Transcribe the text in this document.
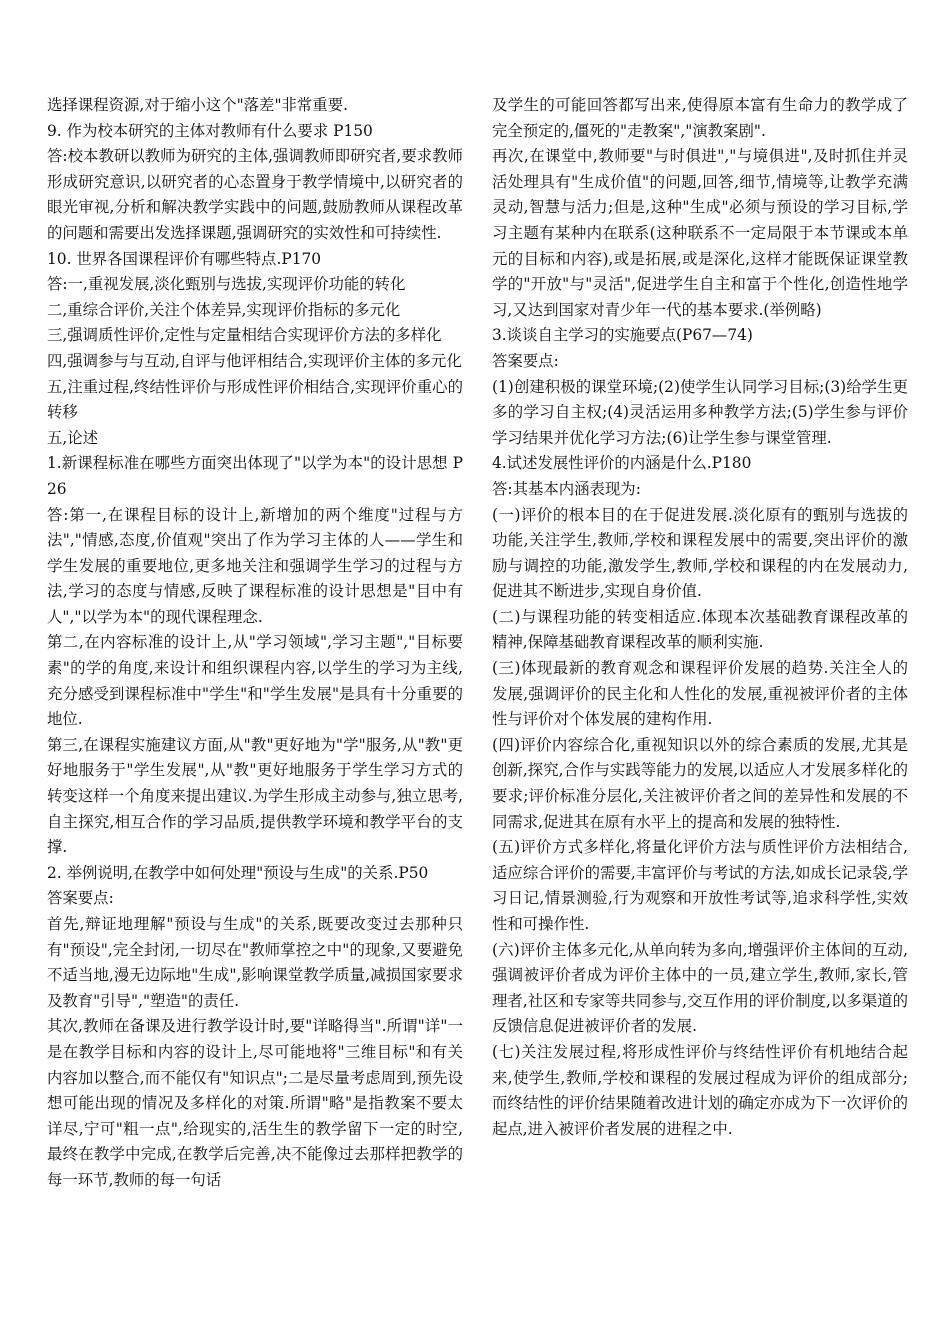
选择课程资源,对于缩小这个"落差"非常重要.

9. 作为校本研究的主体对教师有什么要求 P150

答:校本教研以教师为研究的主体,强调教师即研究者,要求教师形成研究意识,以研究者的心态置身于教学情境中,以研究者的眼光审视,分析和解决教学实践中的问题,鼓励教师从课程改革的问题和需要出发选择课题,强调研究的实效性和可持续性.

10. 世界各国课程评价有哪些特点.P170

答:一,重视发展,淡化甄别与选拔,实现评价功能的转化

二,重综合评价,关注个体差异,实现评价指标的多元化

三,强调质性评价,定性与定量相结合实现评价方法的多样化

四,强调参与与互动,自评与他评相结合,实现评价主体的多元化

五,注重过程,终结性评价与形成性评价相结合,实现评价重心的转移

五,论述

1.新课程标准在哪些方面突出体现了"以学为本"的设计思想 P26

答:第一,在课程目标的设计上,新增加的两个维度"过程与方法","情感,态度,价值观"突出了作为学习主体的人——学生和学生发展的重要地位,更多地关注和强调学生学习的过程与方法,学习的态度与情感,反映了课程标准的设计思想是"目中有人","以学为本"的现代课程理念.

第二,在内容标准的设计上,从"学习领域",学习主题","目标要素"的学的角度,来设计和组织课程内容,以学生的学习为主线,充分感受到课程标准中"学生"和"学生发展"是具有十分重要的地位.

第三,在课程实施建议方面,从"教"更好地为"学"服务,从"教"更好地服务于"学生发展",从"教"更好地服务于学生学习方式的转变这样一个角度来提出建议.为学生形成主动参与,独立思考,自主探究,相互合作的学习品质,提供教学环境和教学平台的支撑.

2. 举例说明,在教学中如何处理"预设与生成"的关系.P50

答案要点:

首先,辩证地理解"预设与生成"的关系,既要改变过去那种只有"预设",完全封闭,一切尽在"教师掌控之中"的现象,又要避免不适当地,漫无边际地"生成",影响课堂教学质量,减损国家要求及教育"引导","塑造"的责任.

其次,教师在备课及进行教学设计时,要"详略得当".所谓"详"一是在教学目标和内容的设计上,尽可能地将"三维目标"和有关内容加以整合,而不能仅有"知识点";二是尽量考虑周到,预先设想可能出现的情况及多样化的对策.所谓"略"是指教案不要太详尽,宁可"粗一点",给现实的,活生生的教学留下一定的时空,最终在教学中完成,在教学后完善,决不能像过去那样把教学的每一环节,教师的每一句话

及学生的可能回答都写出来,使得原本富有生命力的教学成了完全预定的,僵死的"走教案","演教案剧".

再次,在课堂中,教师要"与时俱进","与境俱进",及时抓住并灵活处理具有"生成价值"的问题,回答,细节,情境等,让教学充满灵动,智慧与活力;但是,这种"生成"必须与预设的学习目标,学习主题有某种内在联系(这种联系不一定局限于本节课或本单元的目标和内容),或是拓展,或是深化,这样才能既保证课堂教学的"开放"与"灵活",促进学生自主和富于个性化,创造性地学习,又达到国家对青少年一代的基本要求.(举例略)

3.谈谈自主学习的实施要点(P67—74)

答案要点:

(1)创建积极的课堂环境;(2)使学生认同学习目标;(3)给学生更多的学习自主权;(4)灵活运用多种教学方法;(5)学生参与评价学习结果并优化学习方法;(6)让学生参与课堂管理.

4.试述发展性评价的内涵是什么.P180

答:其基本内涵表现为:

(一)评价的根本目的在于促进发展.淡化原有的甄别与选拔的功能,关注学生,教师,学校和课程发展中的需要,突出评价的激励与调控的功能,激发学生,教师,学校和课程的内在发展动力,促进其不断进步,实现自身价值.

(二)与课程功能的转变相适应.体现本次基础教育课程改革的精神,保障基础教育课程改革的顺利实施.

(三)体现最新的教育观念和课程评价发展的趋势.关注全人的发展,强调评价的民主化和人性化的发展,重视被评价者的主体性与评价对个体发展的建构作用.

(四)评价内容综合化,重视知识以外的综合素质的发展,尤其是创新,探究,合作与实践等能力的发展,以适应人才发展多样化的要求;评价标准分层化,关注被评价者之间的差异性和发展的不同需求,促进其在原有水平上的提高和发展的独特性.

(五)评价方式多样化,将量化评价方法与质性评价方法相结合,适应综合评价的需要,丰富评价与考试的方法,如成长记录袋,学习日记,情景测验,行为观察和开放性考试等,追求科学性,实效性和可操作性.

(六)评价主体多元化,从单向转为多向,增强评价主体间的互动,强调被评价者成为评价主体中的一员,建立学生,教师,家长,管理者,社区和专家等共同参与,交互作用的评价制度,以多渠道的反馈信息促进被评价者的发展.

(七)关注发展过程,将形成性评价与终结性评价有机地结合起来,使学生,教师,学校和课程的发展过程成为评价的组成部分;而终结性的评价结果随着改进计划的确定亦成为下一次评价的起点,进入被评价者发展的进程之中.
